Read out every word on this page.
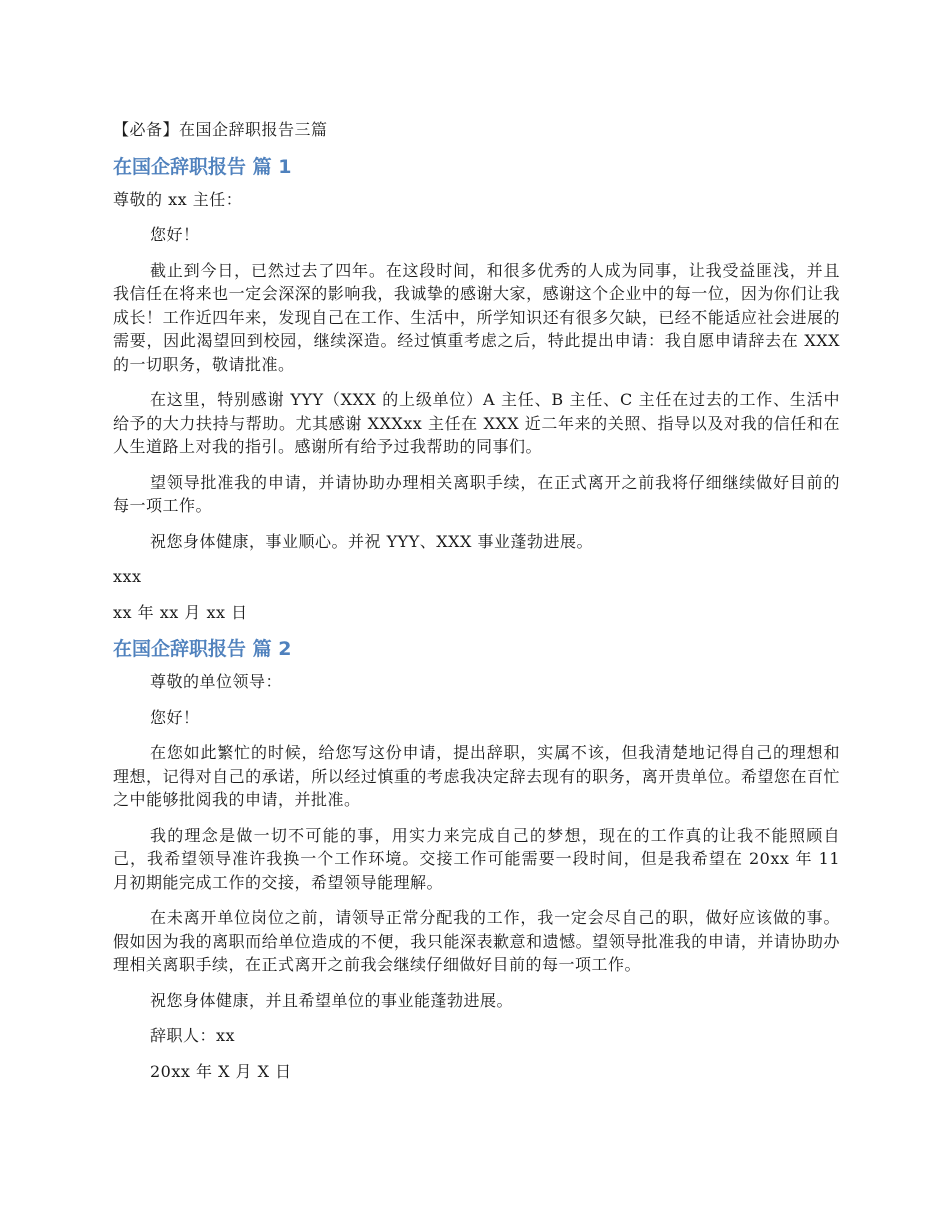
【必备】在国企辞职报告三篇
在国企辞职报告 篇 1
尊敬的 xx 主任：
您好！
截止到今日，已然过去了四年。在这段时间，和很多优秀的人成为同事，让我受益匪浅，并且我信任在将来也一定会深深的影响我，我诚挚的感谢大家，感谢这个企业中的每一位，因为你们让我成长！工作近四年来，发现自己在工作、生活中，所学知识还有很多欠缺，已经不能适应社会进展的需要，因此渴望回到校园，继续深造。经过慎重考虑之后，特此提出申请：我自愿申请辞去在 XXX 的一切职务，敬请批准。
在这里，特别感谢 YYY（XXX 的上级单位）A 主任、B 主任、C 主任在过去的工作、生活中给予的大力扶持与帮助。尤其感谢 XXXxx 主任在 XXX 近二年来的关照、指导以及对我的信任和在人生道路上对我的指引。感谢所有给予过我帮助的同事们。
望领导批准我的申请，并请协助办理相关离职手续，在正式离开之前我将仔细继续做好目前的每一项工作。
祝您身体健康，事业顺心。并祝 YYY、XXX 事业蓬勃进展。
xxx
xx 年 xx 月 xx 日
在国企辞职报告 篇 2
尊敬的单位领导：
您好！
在您如此繁忙的时候，给您写这份申请，提出辞职，实属不该，但我清楚地记得自己的理想和理想，记得对自己的承诺，所以经过慎重的考虑我决定辞去现有的职务，离开贵单位。希望您在百忙之中能够批阅我的申请，并批准。
我的理念是做一切不可能的事，用实力来完成自己的梦想，现在的工作真的让我不能照顾自己，我希望领导准许我换一个工作环境。交接工作可能需要一段时间，但是我希望在 20xx 年 11 月初期能完成工作的交接，希望领导能理解。
在未离开单位岗位之前，请领导正常分配我的工作，我一定会尽自己的职，做好应该做的事。假如因为我的离职而给单位造成的不便，我只能深表歉意和遗憾。望领导批准我的申请，并请协助办理相关离职手续，在正式离开之前我会继续仔细做好目前的每一项工作。
祝您身体健康，并且希望单位的事业能蓬勃进展。
辞职人：xx
20xx 年 X 月 X 日
